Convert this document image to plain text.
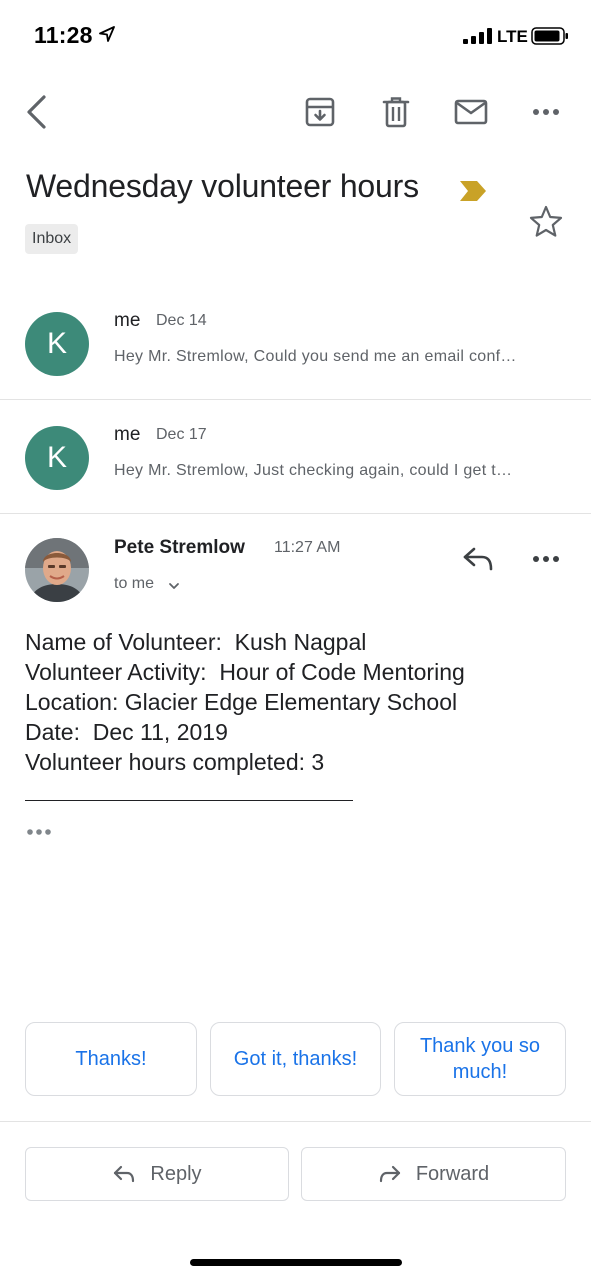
11:28	LTE
Wednesday volunteer hours
Inbox
K
me Dec 14
Hey Mr. Stremlow, Could you send me an email conf…
K
me Dec 17
Hey Mr. Stremlow, Just checking again, could I get t…
Pete Stremlow 11:27 AM
to me
Name of Volunteer:  Kush Nagpal
Volunteer Activity:  Hour of Code Mentoring
Location: Glacier Edge Elementary School
Date:  Dec 11, 2019
Volunteer hours completed: 3
Thanks!	Got it, thanks!
Thank you so much!
Reply	Forward
